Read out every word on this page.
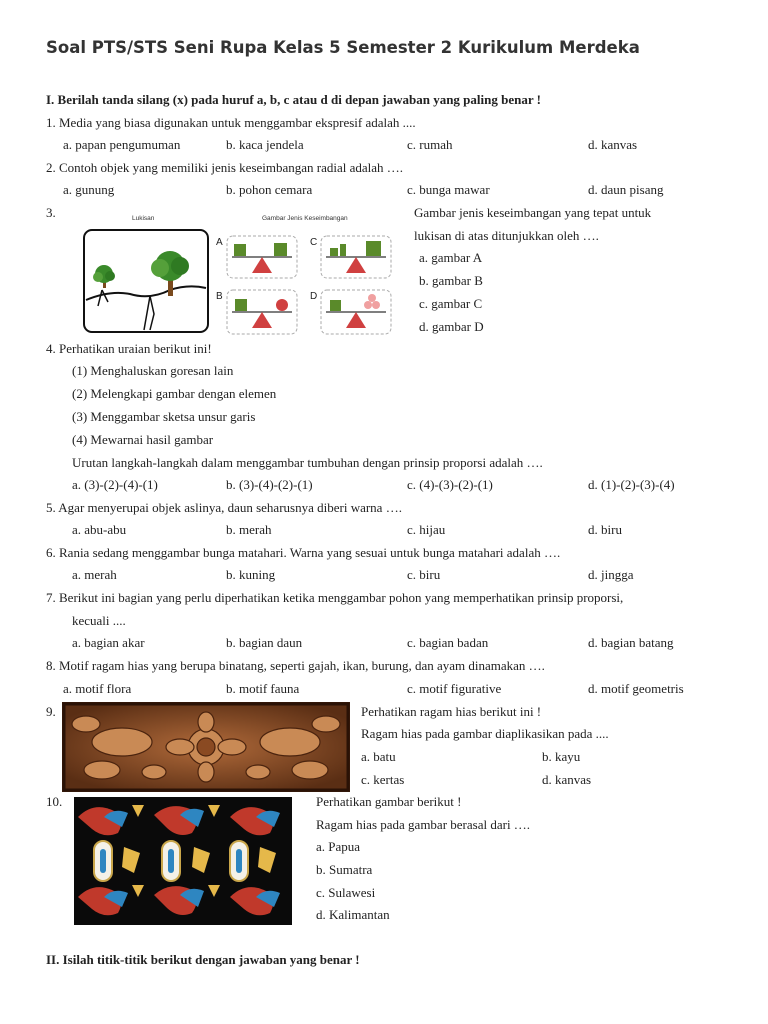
Soal PTS/STS Seni Rupa Kelas 5 Semester 2 Kurikulum Merdeka
I. Berilah tanda silang (x) pada huruf a, b, c atau d di depan jawaban yang paling benar !
1. Media yang biasa digunakan untuk menggambar ekspresif adalah ....
a. papan pengumuman	b. kaca jendela	c. rumah	d. kanvas
2. Contoh objek yang memiliki jenis keseimbangan radial adalah ….
a. gunung	b. pohon cemara	c. bunga mawar	d. daun pisang
3.	Lukisan	Gambar Jenis Keseimbangan
A	C
B	D
Gambar jenis keseimbangan yang tepat untuk
lukisan di atas ditunjukkan oleh ….
a. gambar A
b. gambar B
c. gambar C
d. gambar D
4. Perhatikan uraian berikut ini!
(1) Menghaluskan goresan lain
(2) Melengkapi gambar dengan elemen
(3) Menggambar sketsa unsur garis
(4) Mewarnai hasil gambar
Urutan langkah-langkah dalam menggambar tumbuhan dengan prinsip proporsi adalah ….
a. (3)-(2)-(4)-(1)	b. (3)-(4)-(2)-(1)	c. (4)-(3)-(2)-(1)	d. (1)-(2)-(3)-(4)
5. Agar menyerupai objek aslinya, daun seharusnya diberi warna ….
a. abu-abu	b. merah	c. hijau	d. biru
6. Rania sedang menggambar bunga matahari. Warna yang sesuai untuk bunga matahari adalah ….
a. merah	b. kuning	c. biru	d. jingga
7. Berikut ini bagian yang perlu diperhatikan ketika menggambar pohon yang memperhatikan prinsip proporsi,
kecuali ....
a. bagian akar	b. bagian daun	c. bagian badan	d. bagian batang
8. Motif ragam hias yang berupa binatang, seperti gajah, ikan, burung, dan ayam dinamakan ….
a. motif flora	b. motif fauna	c. motif figurative	d. motif geometris
9.	Perhatikan ragam hias berikut ini !
Ragam hias pada gambar diaplikasikan pada ....
a. batu	b. kayu
c. kertas	d. kanvas
10.	Perhatikan gambar berikut !
Ragam hias pada gambar berasal dari ….
a. Papua
b. Sumatra
c. Sulawesi
d. Kalimantan
II. Isilah titik-titik berikut dengan jawaban yang benar !
